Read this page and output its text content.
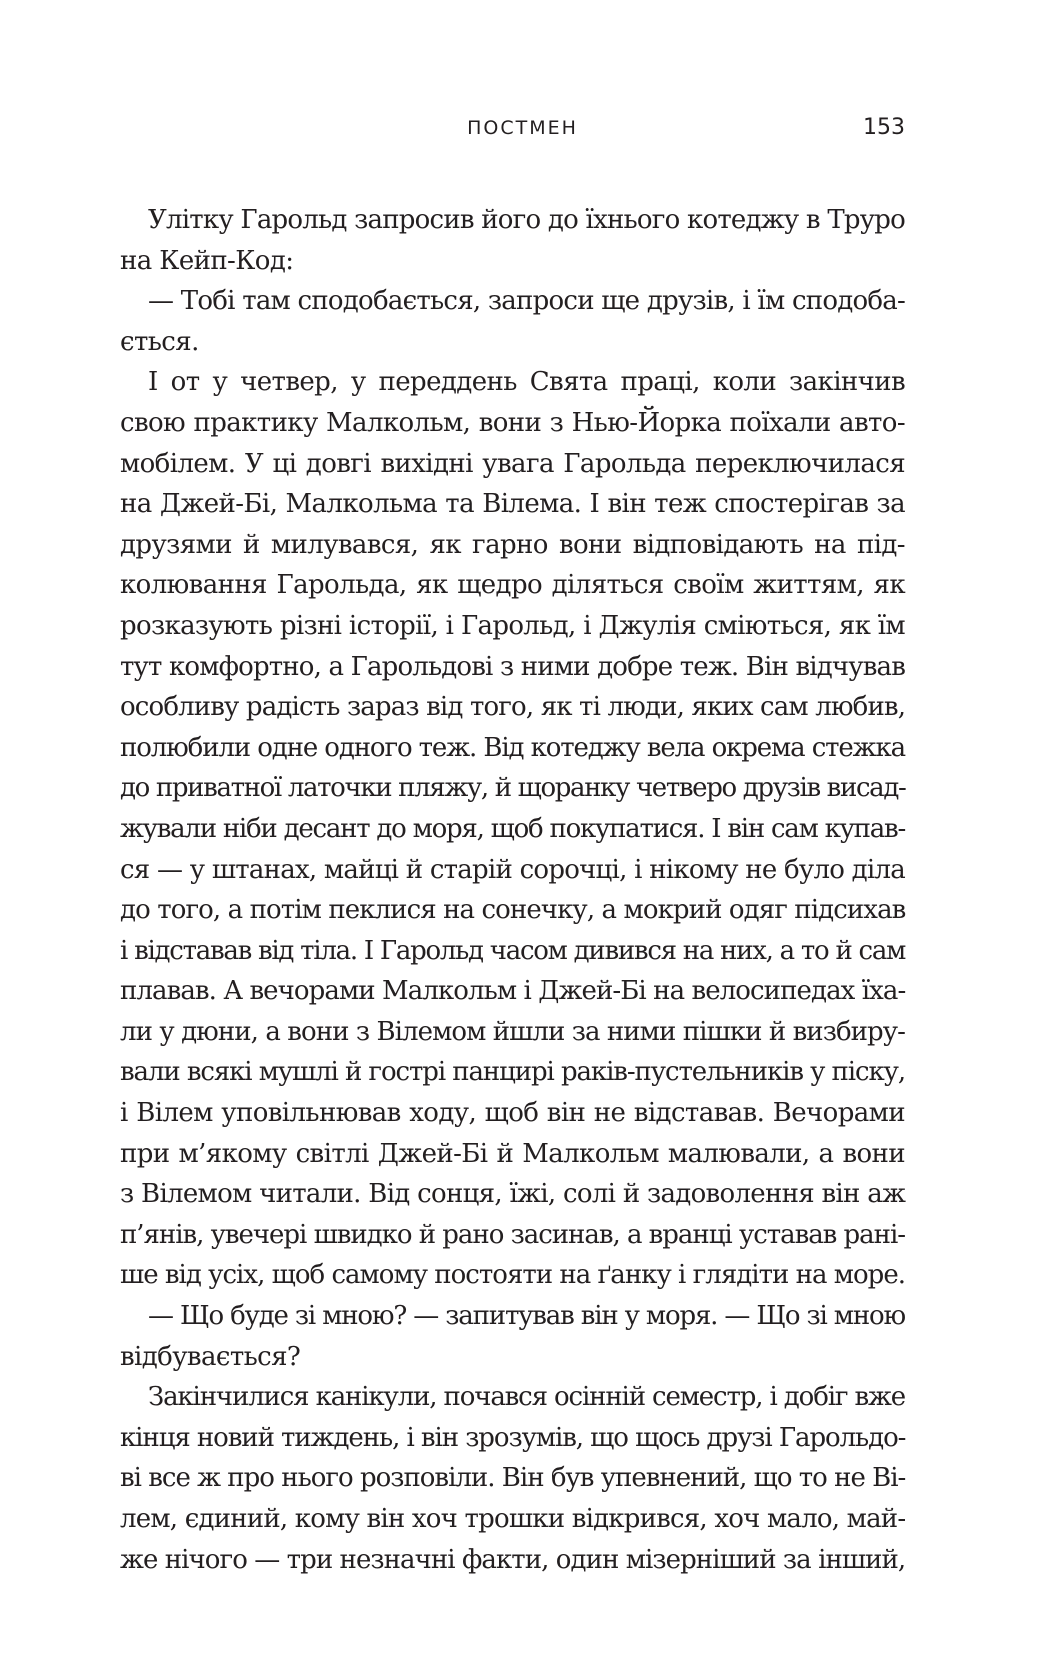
ПОСТМЕН	153
Улітку Гарольд запросив його до їхнього котеджу в Труро
на Кейп-Код:
— Тобі там сподобається, запроси ще друзів, і їм сподоба-
ється.
І от у четвер, у переддень Свята праці, коли закінчив
свою практику Малкольм, вони з Нью-Йорка поїхали авто-
мобілем. У ці довгі вихідні увага Гарольда переключилася
на Джей-Бі, Малкольма та Вілема. І він теж спостерігав за
друзями й милувався, як гарно вони відповідають на під-
колювання Гарольда, як щедро діляться своїм життям, як
розказують різні історії, і Гарольд, і Джулія сміються, як їм
тут комфортно, а Гарольдові з ними добре теж. Він відчував
особливу радість зараз від того, як ті люди, яких сам любив,
полюбили одне одного теж. Від котеджу вела окрема стежка
до приватної латочки пляжу, й щоранку четверо друзів висад-
жували ніби десант до моря, щоб покупатися. І він сам купав-
ся — у штанах, майці й старій сорочці, і нікому не було діла
до того, а потім пеклися на сонечку, а мокрий одяг підсихав
і відставав від тіла. І Гарольд часом дивився на них, а то й сам
плавав. А вечорами Малкольм і Джей-Бі на велосипедах їха-
ли у дюни, а вони з Вілемом йшли за ними пішки й визбиру-
вали всякі мушлі й гострі панцирі раків-пустельників у піску,
і Вілем уповільнював ходу, щоб він не відставав. Вечорами
при м’якому світлі Джей-Бі й Малкольм малювали, а вони
з Вілемом читали. Від сонця, їжі, солі й задоволення він аж
п’янів, увечері швидко й рано засинав, а вранці уставав рані-
ше від усіх, щоб самому постояти на ґанку і глядіти на море.
— Що буде зі мною? — запитував він у моря. — Що зі мною
відбувається?
Закінчилися канікули, почався осінній семестр, і добіг вже
кінця новий тиждень, і він зрозумів, що щось друзі Гарольдо-
ві все ж про нього розповіли. Він був упевнений, що то не Ві-
лем, єдиний, кому він хоч трошки відкрився, хоч мало, май-
же нічого — три незначні факти, один мізерніший за інший,
